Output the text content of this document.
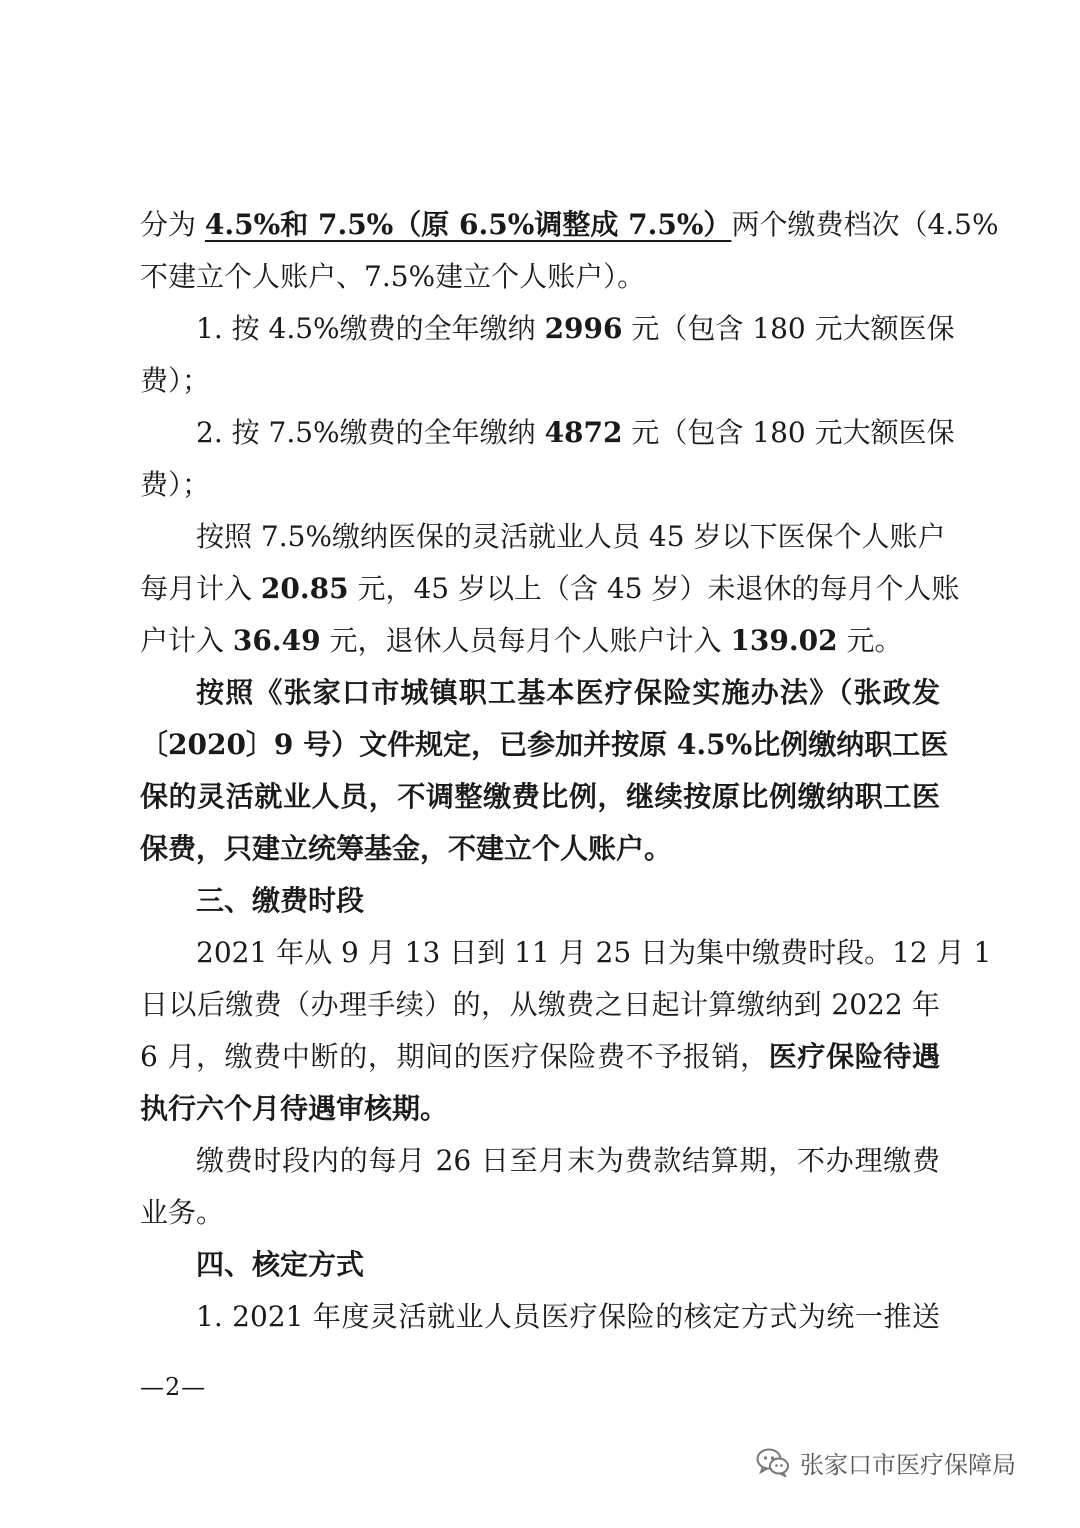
分为 4.5%和 7.5%（原 6.5%调整成 7.5%）两个缴费档次（4.5%
不建立个人账户、7.5%建立个人账户）。
1. 按 4.5%缴费的全年缴纳 2996 元（包含 180 元大额医保
费）；
2. 按 7.5%缴费的全年缴纳 4872 元（包含 180 元大额医保
费）；
按照 7.5%缴纳医保的灵活就业人员 45 岁以下医保个人账户
每月计入 20.85 元，45 岁以上（含 45 岁）未退休的每月个人账
户计入 36.49 元，退休人员每月个人账户计入 139.02 元。
按照《张家口市城镇职工基本医疗保险实施办法》（张政发
〔2020〕9 号）文件规定，已参加并按原 4.5%比例缴纳职工医
保的灵活就业人员，不调整缴费比例，继续按原比例缴纳职工医
保费，只建立统筹基金，不建立个人账户。
三、缴费时段
2021 年从 9 月 13 日到 11 月 25 日为集中缴费时段。12 月 1
日以后缴费（办理手续）的，从缴费之日起计算缴纳到 2022 年
6 月，缴费中断的，期间的医疗保险费不予报销，医疗保险待遇
执行六个月待遇审核期。
缴费时段内的每月 26 日至月末为费款结算期，不办理缴费
业务。
四、核定方式
1. 2021 年度灵活就业人员医疗保险的核定方式为统一推送
—2—
张家口市医疗保障局
